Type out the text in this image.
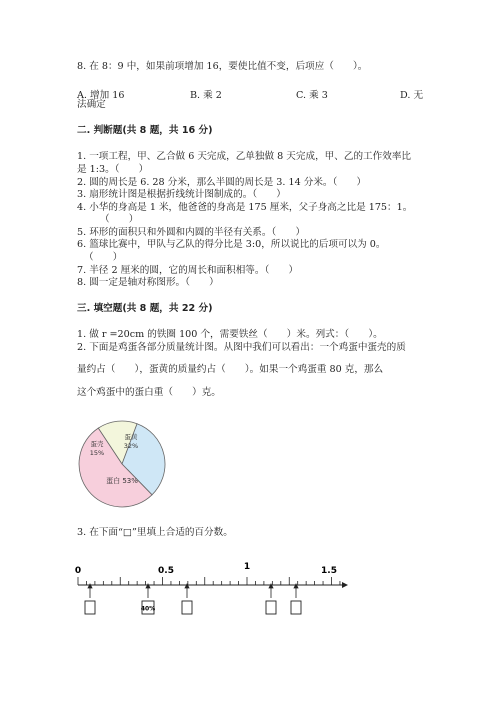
8. 在 8：9 中，如果前项增加 16，要使比值不变，后项应（　　）。
A. 增加 16	B. 乘 2	C. 乘 3	D. 无
法确定
二. 判断题(共 8 题，共 16 分)
1. 一项工程，甲、乙合做 6 天完成，乙单独做 8 天完成，甲、乙的工作效率比
是 1:3。（　　）
2. 圆的周长是 6. 28 分米，那么半圆的周长是 3. 14 分米。（　　）
3. 扇形统计图是根据折线统计图制成的。（　　）
4. 小华的身高是 1 米，他爸爸的身高是 175 厘米，父子身高之比是 175：1。
（　　）
5. 环形的面积只和外圆和内圆的半径有关系。（　　）
6. 篮球比赛中，甲队与乙队的得分比是 3:0，所以说比的后项可以为 0。
（　　）
7. 半径 2 厘米的圆，它的周长和面积相等。（　　）
8. 圆一定是轴对称图形。（　　）
三. 填空题(共 8 题，共 22 分)
1. 做 r =20cm 的铁圈 100 个，需要铁丝（　　）米。列式：（　　）。
2. 下面是鸡蛋各部分质量统计图。从图中我们可以看出：一个鸡蛋中蛋壳的质
量约占（　　），蛋黄的质量约占（　　）。如果一个鸡蛋重 80 克，那么
这个鸡蛋中的蛋白重（　　）克。
蛋壳
15%
蛋黄
32%
蛋白 53%
3. 在下面“□”里填上合适的百分数。
0	0.5	1	1.5
40%
